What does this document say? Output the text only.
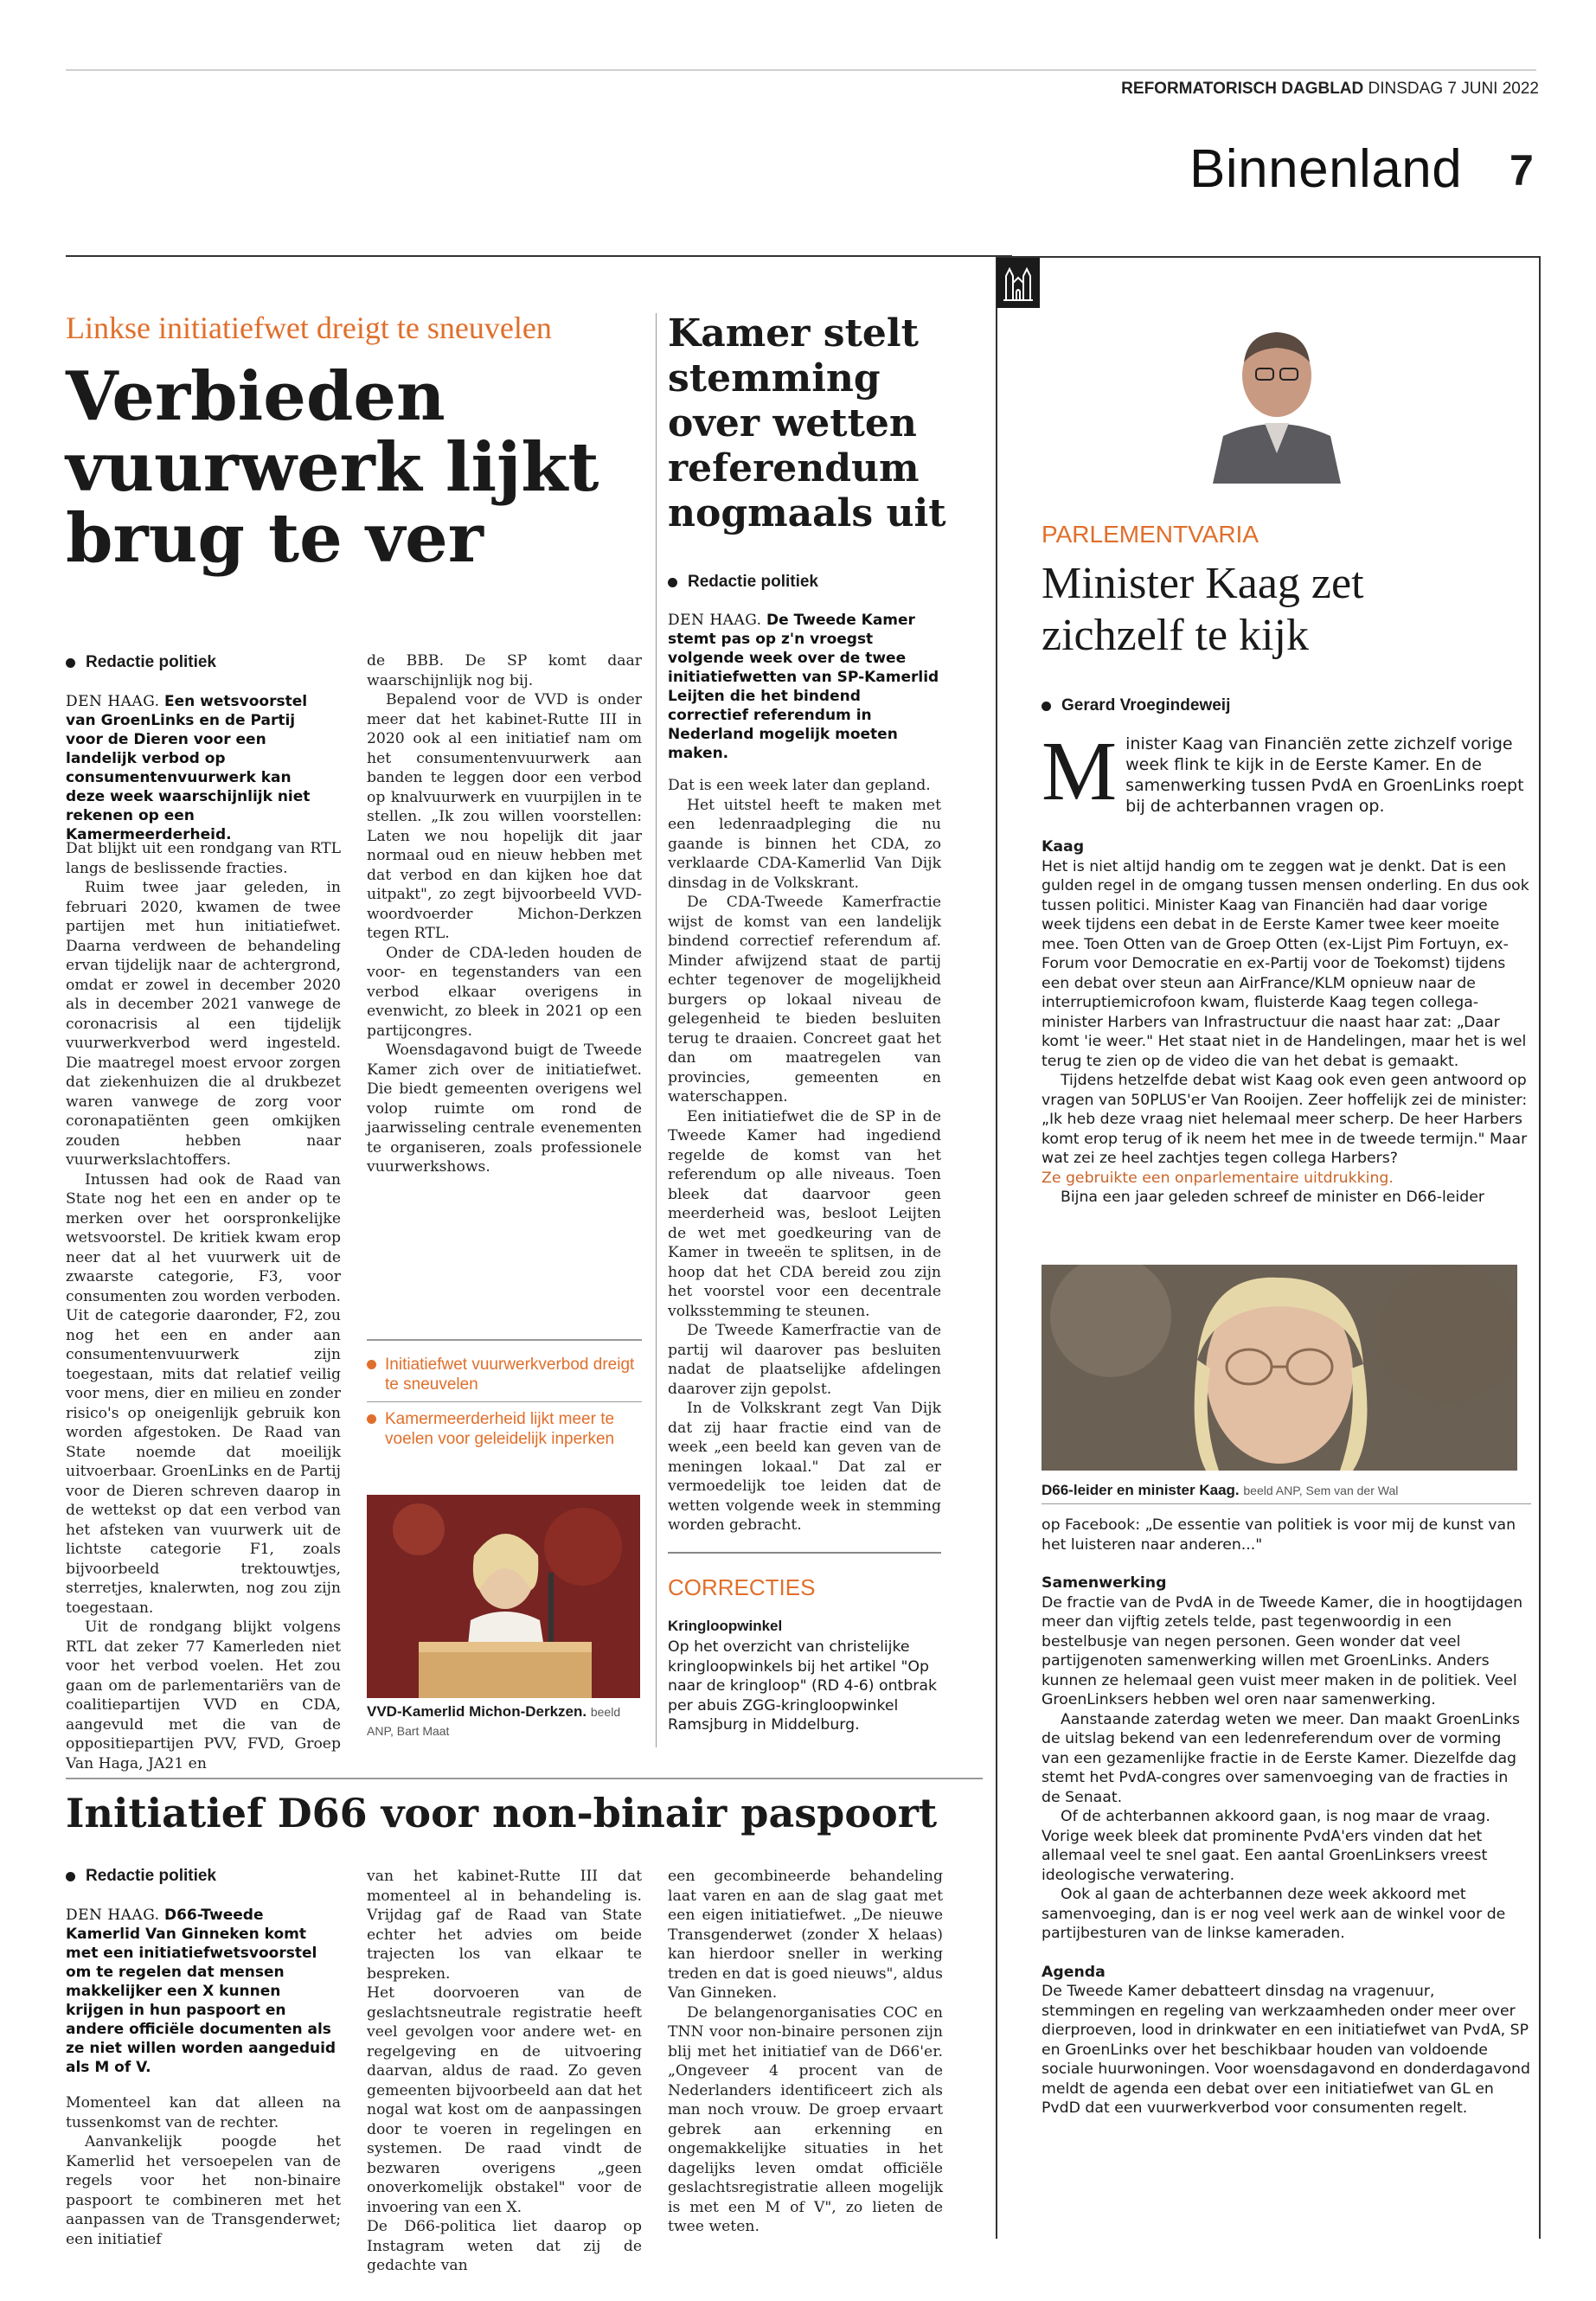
REFORMATORISCH DAGBLAD DINSDAG 7 JUNI 2022
Binnenland 7
Linkse initiatiefwet dreigt te sneuvelen
Verbieden vuurwerk lijkt brug te ver
Redactie politiek
DEN HAAG. Een wetsvoorstel van GroenLinks en de Partij voor de Dieren voor een landelijk verbod op consumentenvuurwerk kan deze week waarschijnlijk niet rekenen op een Kamermeerderheid.

Dat blijkt uit een rondgang van RTL langs de beslissende fracties.

Ruim twee jaar geleden, in februari 2020, kwamen de twee partijen met hun initiatiefwet. Daarna verdween de behandeling ervan tijdelijk naar de achtergrond, omdat er zowel in december 2020 als in december 2021 vanwege de coronacrisis al een tijdelijk vuurwerkverbod werd ingesteld. Die maatregel moest ervoor zorgen dat ziekenhuizen die al drukbezet waren vanwege de zorg voor coronapatiënten geen omkijken zouden hebben naar vuurwerkslachtoffers.

Intussen had ook de Raad van State nog het een en ander op te merken over het oorspronkelijke wetsvoorstel. De kritiek kwam erop neer dat al het vuurwerk uit de zwaarste categorie, F3, voor consumenten zou worden verboden. Uit de categorie daaronder, F2, zou nog het een en ander aan consumentenvuurwerk zijn toegestaan, mits dat relatief veilig voor mens, dier en milieu en zonder risico's op oneigenlijk gebruik kon worden afgestoken. De Raad van State noemde dat moeilijk uitvoerbaar. GroenLinks en de Partij voor de Dieren schreven daarop in de wettekst op dat een verbod van het afsteken van vuurwerk uit de lichtste categorie F1, zoals bijvoorbeeld trektouwtjes, sterretjes, knalerwten, nog zou zijn toegestaan.

Uit de rondgang blijkt volgens RTL dat zeker 77 Kamerleden niet voor het verbod voelen. Het zou gaan om de parlementariërs van de coalitiepartijen VVD en CDA, aangevuld met die van de oppositiepartijen PVV, FVD, Groep Van Haga, JA21 en

de BBB. De SP komt daar waarschijnlijk nog bij.

Bepalend voor de VVD is onder meer dat het kabinet-Rutte III in 2020 ook al een initiatief nam om het consumentenvuurwerk aan banden te leggen door een verbod op knalvuurwerk en vuurpijlen in te stellen. „Ik zou willen voorstellen: Laten we nou hopelijk dit jaar normaal oud en nieuw hebben met dat verbod en dan kijken hoe dat uitpakt", zo zegt bijvoorbeeld VVD-woordvoerder Michon-Derkzen tegen RTL.

Onder de CDA-leden houden de voor- en tegenstanders van een verbod elkaar overigens in evenwicht, zo bleek in 2021 op een partijcongres.

Woensdagavond buigt de Tweede Kamer zich over de initiatiefwet. Die biedt gemeenten overigens wel volop ruimte om rond de jaarwisseling centrale evenementen te organiseren, zoals professionele vuurwerkshows.

Initiatiefwet vuurwerkverbod dreigt te sneuvelen
Kamermeerderheid lijkt meer te voelen voor geleidelijk inperken
VVD-Kamerlid Michon-Derkzen. beeld ANP, Bart Maat
Kamer stelt stemming over wetten referendum nogmaals uit
Redactie politiek
DEN HAAG. De Tweede Kamer stemt pas op z'n vroegst volgende week over de twee initiatiefwetten van SP-Kamerlid Leijten die het bindend correctief referendum in Nederland mogelijk moeten maken.

Dat is een week later dan gepland.

Het uitstel heeft te maken met een ledenraadpleging die nu gaande is binnen het CDA, zo verklaarde CDA-Kamerlid Van Dijk dinsdag in de Volkskrant.

De CDA-Tweede Kamerfractie wijst de komst van een landelijk bindend correctief referendum af. Minder afwijzend staat de partij echter tegenover de mogelijkheid burgers op lokaal niveau de gelegenheid te bieden besluiten terug te draaien. Concreet gaat het dan om maatregelen van provincies, gemeenten en waterschappen.

Een initiatiefwet die de SP in de Tweede Kamer had ingediend regelde de komst van het referendum op alle niveaus. Toen bleek dat daarvoor geen meerderheid was, besloot Leijten de wet met goedkeuring van de Kamer in tweeën te splitsen, in de hoop dat het CDA bereid zou zijn het voorstel voor een decentrale volksstemming te steunen.

De Tweede Kamerfractie van de partij wil daarover pas besluiten nadat de plaatselijke afdelingen daarover zijn gepolst.

In de Volkskrant zegt Van Dijk dat zij haar fractie eind van de week „een beeld kan geven van de meningen lokaal." Dat zal er vermoedelijk toe leiden dat de wetten volgende week in stemming worden gebracht.

CORRECTIES
Kringloopwinkel
Op het overzicht van christelijke kringloopwinkels bij het artikel "Op naar de kringloop" (RD 4-6) ontbrak per abuis ZGG-kringloopwinkel Ramsjburg in Middelburg.
Initiatief D66 voor non-binair paspoort
Redactie politiek
DEN HAAG. D66-Tweede Kamerlid Van Ginneken komt met een initiatiefwetsvoorstel om te regelen dat mensen makkelijker een X kunnen krijgen in hun paspoort en andere officiële documenten als ze niet willen worden aangeduid als M of V.

Momenteel kan dat alleen na tussenkomst van de rechter.

Aanvankelijk poogde het Kamerlid het versoepelen van de regels voor het non-binaire paspoort te combineren met het aanpassen van de Transgenderwet; een initiatief

van het kabinet-Rutte III dat momenteel al in behandeling is. Vrijdag gaf de Raad van State echter het advies om beide trajecten los van elkaar te bespreken.

Het doorvoeren van de geslachtsneutrale registratie heeft veel gevolgen voor andere wet- en regelgeving en de uitvoering daarvan, aldus de raad. Zo geven gemeenten bijvoorbeeld aan dat het nogal wat kost om de aanpassingen door te voeren in regelingen en systemen. De raad vindt de bezwaren overigens „geen onoverkomelijk obstakel" voor de invoering van een X.

De D66-politica liet daarop op Instagram weten dat zij de gedachte van

een gecombineerde behandeling laat varen en aan de slag gaat met een eigen initiatiefwet. „De nieuwe Transgenderwet (zonder X helaas) kan hierdoor sneller in werking treden en dat is goed nieuws", aldus Van Ginneken.

De belangenorganisaties COC en TNN voor non-binaire personen zijn blij met het initiatief van de D66'er. „Ongeveer 4 procent van de Nederlanders identificeert zich als man noch vrouw. De groep ervaart gebrek aan erkenning en ongemakkelijke situaties in het dagelijks leven omdat officiële geslachtsregistratie alleen mogelijk is met een M of V", zo lieten de twee weten.

PARLEMENTVARIA
Minister Kaag zet zichzelf te kijk
Gerard Vroegindeweij
M inister Kaag van Financiën zette zichzelf vorige week flink te kijk in de Eerste Kamer. En de samenwerking tussen PvdA en GroenLinks roept bij de achterbannen vragen op.

Kaag

Het is niet altijd handig om te zeggen wat je denkt. Dat is een gulden regel in de omgang tussen mensen onderling. En dus ook tussen politici. Minister Kaag van Financiën had daar vorige week tijdens een debat in de Eerste Kamer twee keer moeite mee. Toen Otten van de Groep Otten (ex-Lijst Pim Fortuyn, ex-Forum voor Democratie en ex-Partij voor de Toekomst) tijdens een debat over steun aan AirFrance/KLM opnieuw naar de interruptiemicrofoon kwam, fluisterde Kaag tegen collega-minister Harbers van Infrastructuur die naast haar zat: „Daar komt 'ie weer." Het staat niet in de Handelingen, maar het is wel terug te zien op de video die van het debat is gemaakt.

Tijdens hetzelfde debat wist Kaag ook even geen antwoord op vragen van 50PLUS'er Van Rooijen. Zeer hoffelijk zei de minister: „Ik heb deze vraag niet helemaal meer scherp. De heer Harbers komt erop terug of ik neem het mee in de tweede termijn." Maar wat zei ze heel zachtjes tegen collega Harbers?

Ze gebruikte een onparlementaire uitdrukking.

Bijna een jaar geleden schreef de minister en D66-leider

D66-leider en minister Kaag. beeld ANP, Sem van der Wal

op Facebook: „De essentie van politiek is voor mij de kunst van het luisteren naar anderen..."

Samenwerking

De fractie van de PvdA in de Tweede Kamer, die in hoogtijdagen meer dan vijftig zetels telde, past tegenwoordig in een bestelbusje van negen personen. Geen wonder dat veel partijgenoten samenwerking willen met GroenLinks. Anders kunnen ze helemaal geen vuist meer maken in de politiek. Veel GroenLinksers hebben wel oren naar samenwerking.

Aanstaande zaterdag weten we meer. Dan maakt GroenLinks de uitslag bekend van een ledenreferendum over de vorming van een gezamenlijke fractie in de Eerste Kamer. Diezelfde dag stemt het PvdA-congres over samenvoeging van de fracties in de Senaat.

Of de achterbannen akkoord gaan, is nog maar de vraag. Vorige week bleek dat prominente PvdA'ers vinden dat het allemaal veel te snel gaat. Een aantal GroenLinksers vreest ideologische verwatering.

Ook al gaan de achterbannen deze week akkoord met samenvoeging, dan is er nog veel werk aan de winkel voor de partijbesturen van de linkse kameraden.

Agenda

De Tweede Kamer debatteert dinsdag na vragenuur, stemmingen en regeling van werkzaamheden onder meer over dierproeven, lood in drinkwater en een initiatiefwet van PvdA, SP en GroenLinks over het beschikbaar houden van voldoende sociale huurwoningen. Voor woensdagavond en donderdagavond meldt de agenda een debat over een initiatiefwet van GL en PvdD dat een vuurwerkverbod voor consumenten regelt.
